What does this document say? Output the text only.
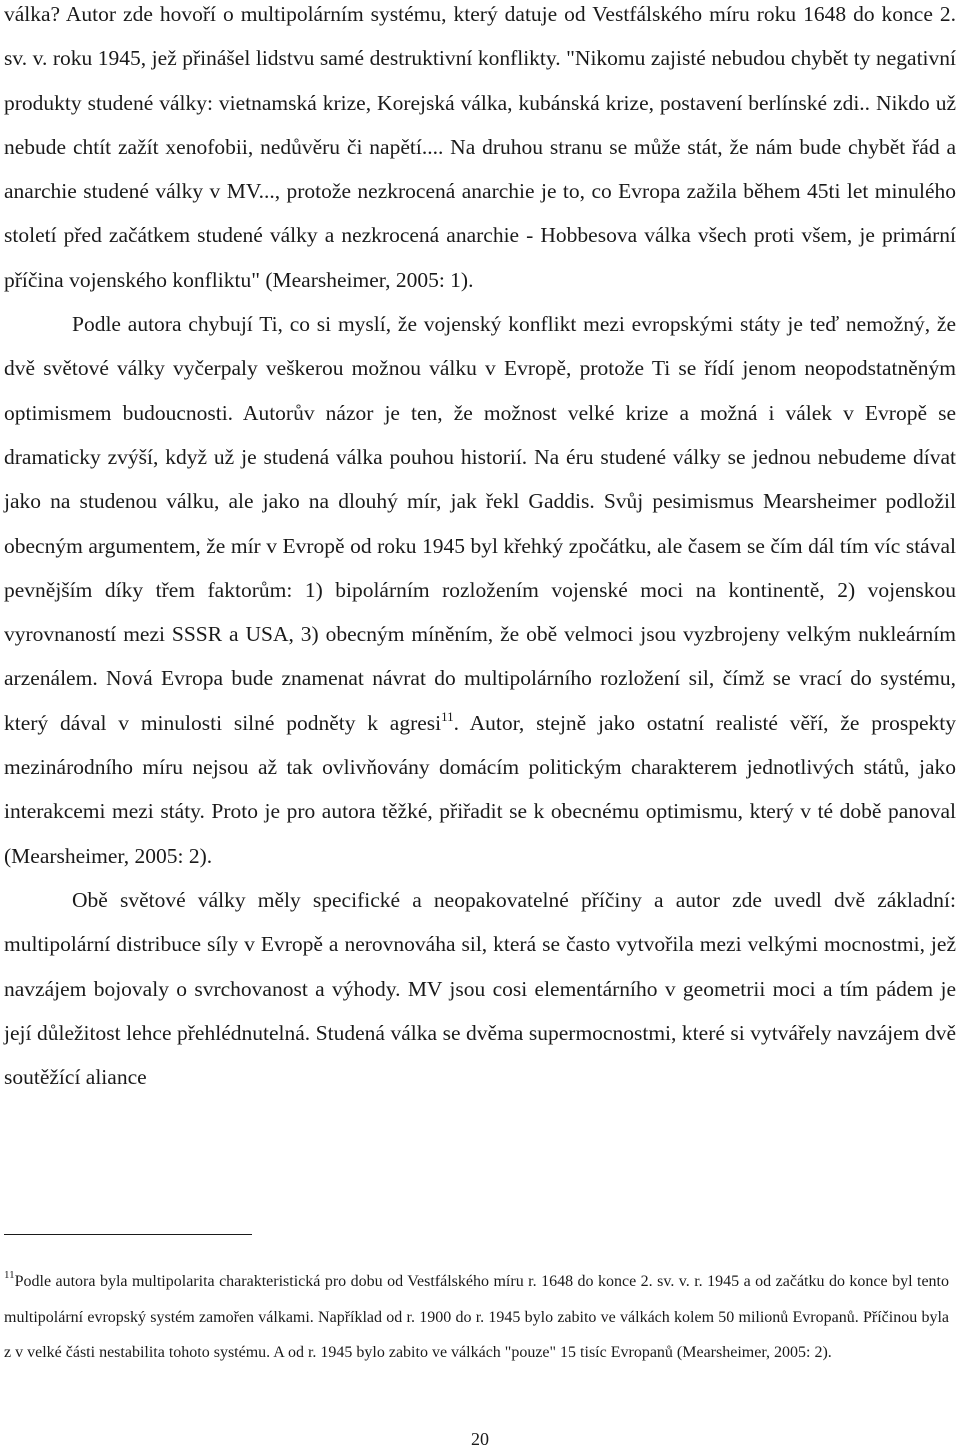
válka? Autor zde hovoří o multipolárním systému, který datuje od Vestfálského míru roku 1648 do konce 2. sv. v. roku 1945, jež přinášel lidstvu samé destruktivní konflikty. "Nikomu zajisté nebudou chybět ty negativní produkty studené války: vietnamská krize, Korejská válka, kubánská krize, postavení berlínské zdi.. Nikdo už nebude chtít zažít xenofobii, nedůvěru či napětí.... Na druhou stranu se může stát, že nám bude chybět řád a anarchie studené války v MV..., protože nezkrocená anarchie je to, co Evropa zažila během 45ti let minulého století před začátkem studené války a nezkrocená anarchie - Hobbesova válka všech proti všem, je primární příčina vojenského konfliktu" (Mearsheimer, 2005: 1).

Podle autora chybují Ti, co si myslí, že vojenský konflikt mezi evropskými státy je teď nemožný, že dvě světové války vyčerpaly veškerou možnou válku v Evropě, protože Ti se řídí jenom neopodstatněným optimismem budoucnosti. Autorův názor je ten, že možnost velké krize a možná i válek v Evropě se dramaticky zvýší, když už je studená válka pouhou historií. Na éru studené války se jednou nebudeme dívat jako na studenou válku, ale jako na dlouhý mír, jak řekl Gaddis. Svůj pesimismus Mearsheimer podložil obecným argumentem, že mír v Evropě od roku 1945 byl křehký zpočátku, ale časem se čím dál tím víc stával pevnějším díky třem faktorům: 1) bipolárním rozložením vojenské moci na kontinentě, 2) vojenskou vyrovnaností mezi SSSR a USA, 3) obecným míněním, že obě velmoci jsou vyzbrojeny velkým nukleárním arzenálem. Nová Evropa bude znamenat návrat do multipolárního rozložení sil, čímž se vrací do systému, který dával v minulosti silné podněty k agresi$^{11}$. Autor, stejně jako ostatní realisté věří, že prospekty mezinárodního míru nejsou až tak ovlivňovány domácím politickým charakterem jednotlivých států, jako interakcemi mezi státy. Proto je pro autora těžké, přiřadit se k obecnému optimismu, který v té době panoval (Mearsheimer, 2005: 2).

Obě světové války měly specifické a neopakovatelné příčiny a autor zde uvedl dvě základní: multipolární distribuce síly v Evropě a nerovnováha sil, která se často vytvořila mezi velkými mocnostmi, jež navzájem bojovaly o svrchovanost a výhody. MV jsou cosi elementárního v geometrii moci a tím pádem je její důležitost lehce přehlédnutelná. Studená válka se dvěma supermocnostmi, které si vytvářely navzájem dvě soutěžící aliance

$^{11}$Podle autora byla multipolarita charakteristická pro dobu od Vestfálského míru r. 1648 do konce 2. sv. v. r. 1945 a od začátku do konce byl tento multipolární evropský systém zamořen válkami. Například od r. 1900 do r. 1945 bylo zabito ve válkách kolem 50 milionů Evropanů. Příčinou byla z v velké části nestabilita tohoto systému. A od r. 1945 bylo zabito ve válkách "pouze" 15 tisíc Evropanů (Mearsheimer, 2005: 2).

20
